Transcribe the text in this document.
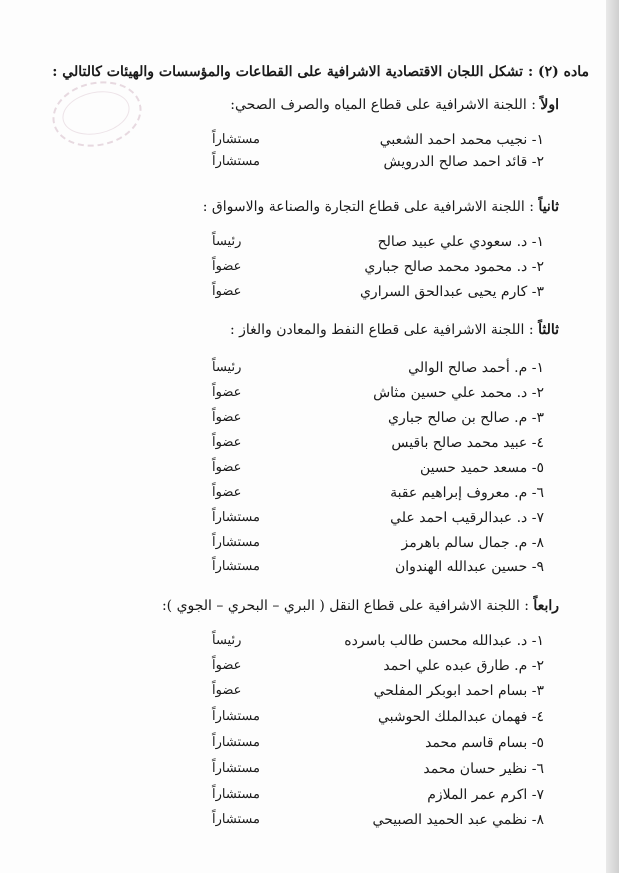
ماده (٢) : تشكل اللجان الاقتصادية الاشرافية على القطاعات والمؤسسات والهيئات كالتالي :
اولاً : اللجنة الاشرافية على قطاع المياه والصرف الصحي:
١- نجيب محمد احمد الشعبي
مستشاراً
٢- قائد احمد صالح الدرويش
مستشاراً
ثانياً : اللجنة الاشرافية على قطاع التجارة والصناعة والاسواق :
١- د. سعودي علي عبيد صالح
رئيساً
٢- د. محمود محمد صالح جباري
عضواً
٣- كارم يحيى عبدالحق السراري
عضواً
ثالثاً : اللجنة الاشرافية على قطاع النفط والمعادن والغاز :
١- م. أحمد صالح الوالي
رئيساً
٢- د. محمد علي حسين مثاش
عضواً
٣- م. صالح بن صالح جباري
عضواً
٤- عبيد محمد صالح باقيس
عضواً
٥- مسعد حميد حسين
عضواً
٦- م. معروف إبراهيم عقبة
عضواً
٧- د. عبدالرقيب احمد علي
مستشاراً
٨- م. جمال سالم باهرمز
مستشاراً
٩- حسين عبدالله الهندوان
مستشاراً
رابعاً : اللجنة الاشرافية على قطاع النقل ( البري – البحري – الجوي ):
١- د. عبدالله محسن طالب باسرده
رئيساً
٢- م. طارق عبده علي احمد
عضواً
٣- بسام احمد ابوبكر المفلحي
عضواً
٤- فهمان عبدالملك الحوشبي
مستشاراً
٥- بسام قاسم محمد
مستشاراً
٦- نظير حسان محمد
مستشاراً
٧- اكرم عمر الملازم
مستشاراً
٨- نظمي عبد الحميد الصبيحي
مستشاراً
